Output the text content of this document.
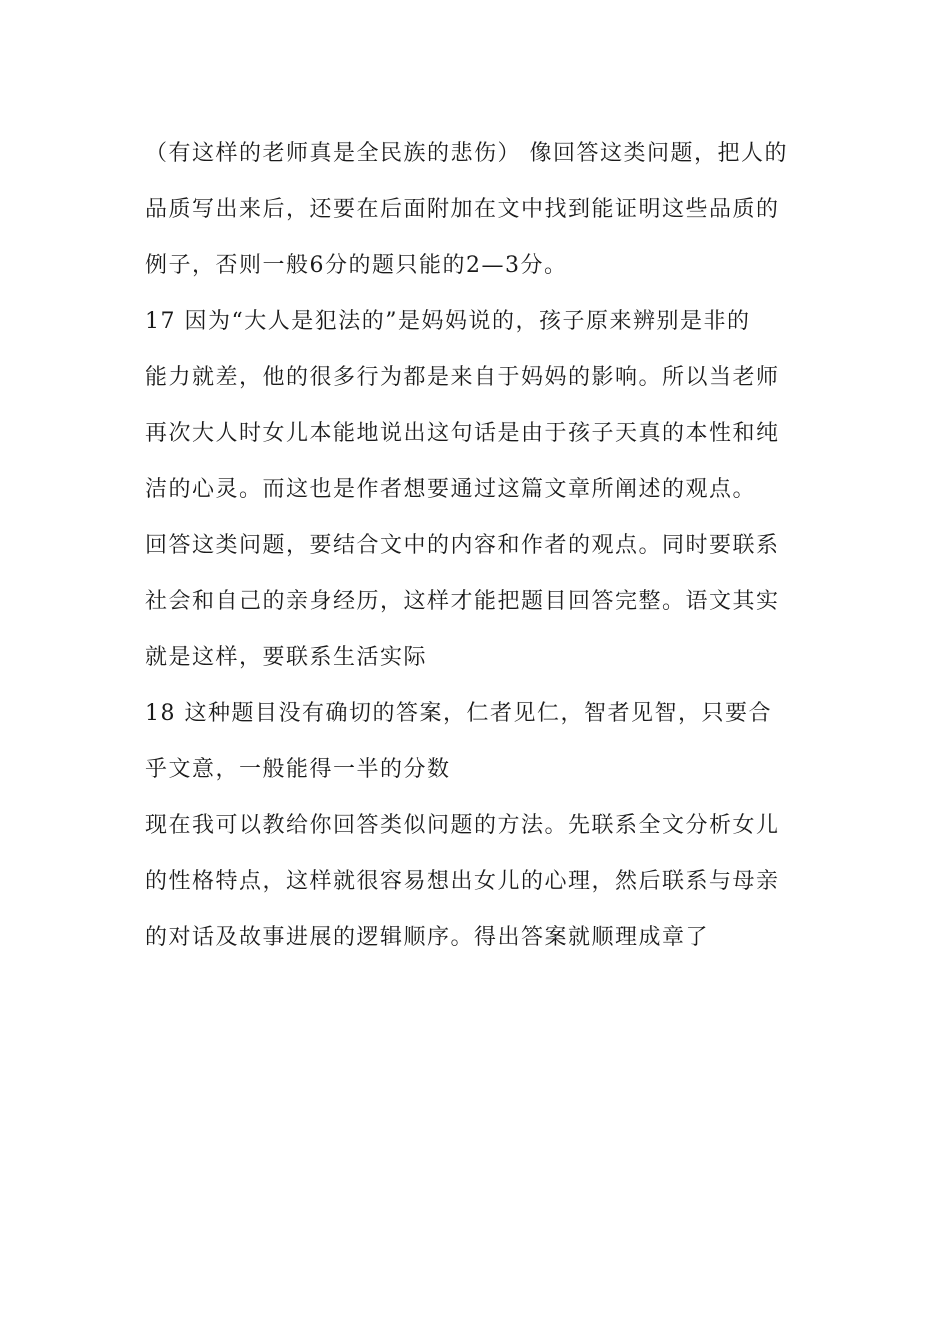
（有这样的老师真是全民族的悲伤） 像回答这类问题，把人的
品质写出来后，还要在后面附加在文中找到能证明这些品质的
例子，否则一般6分的题只能的2—3分。
17 因为“大人是犯法的”是妈妈说的，孩子原来辨别是非的
能力就差，他的很多行为都是来自于妈妈的影响。所以当老师
再次大人时女儿本能地说出这句话是由于孩子天真的本性和纯
洁的心灵。而这也是作者想要通过这篇文章所阐述的观点。
回答这类问题，要结合文中的内容和作者的观点。同时要联系
社会和自己的亲身经历，这样才能把题目回答完整。语文其实
就是这样，要联系生活实际
18 这种题目没有确切的答案，仁者见仁，智者见智，只要合
乎文意，一般能得一半的分数
现在我可以教给你回答类似问题的方法。先联系全文分析女儿
的性格特点，这样就很容易想出女儿的心理，然后联系与母亲
的对话及故事进展的逻辑顺序。得出答案就顺理成章了
